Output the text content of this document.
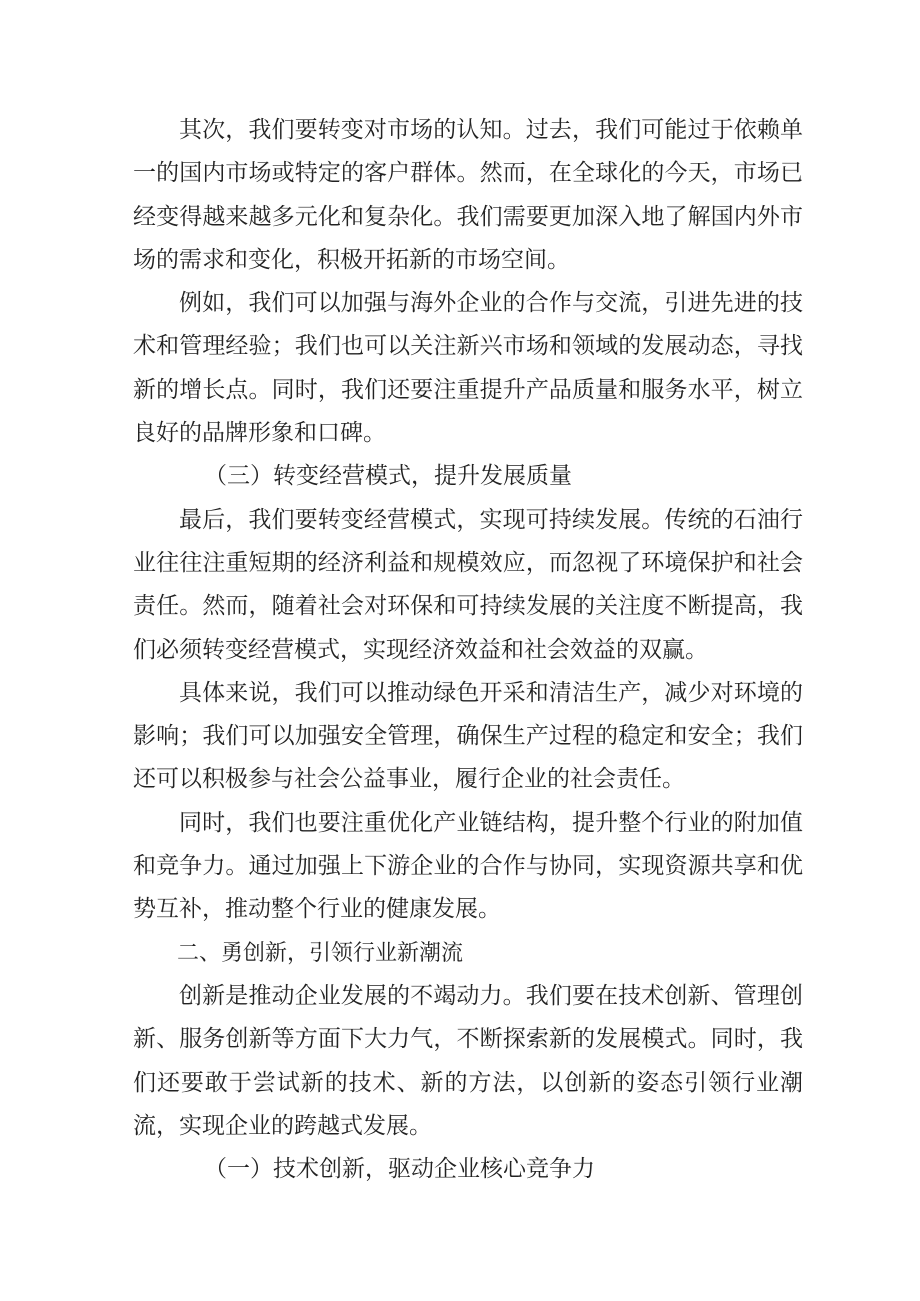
其次，我们要转变对市场的认知。过去，我们可能过于依赖单一的国内市场或特定的客户群体。然而，在全球化的今天，市场已经变得越来越多元化和复杂化。我们需要更加深入地了解国内外市场的需求和变化，积极开拓新的市场空间。

例如，我们可以加强与海外企业的合作与交流，引进先进的技术和管理经验；我们也可以关注新兴市场和领域的发展动态，寻找新的增长点。同时，我们还要注重提升产品质量和服务水平，树立良好的品牌形象和口碑。

（三）转变经营模式，提升发展质量

最后，我们要转变经营模式，实现可持续发展。传统的石油行业往往注重短期的经济利益和规模效应，而忽视了环境保护和社会责任。然而，随着社会对环保和可持续发展的关注度不断提高，我们必须转变经营模式，实现经济效益和社会效益的双赢。

具体来说，我们可以推动绿色开采和清洁生产，减少对环境的影响；我们可以加强安全管理，确保生产过程的稳定和安全；我们还可以积极参与社会公益事业，履行企业的社会责任。

同时，我们也要注重优化产业链结构，提升整个行业的附加值和竞争力。通过加强上下游企业的合作与协同，实现资源共享和优势互补，推动整个行业的健康发展。

二、勇创新，引领行业新潮流

创新是推动企业发展的不竭动力。我们要在技术创新、管理创新、服务创新等方面下大力气，不断探索新的发展模式。同时，我们还要敢于尝试新的技术、新的方法，以创新的姿态引领行业潮流，实现企业的跨越式发展。

（一）技术创新，驱动企业核心竞争力
